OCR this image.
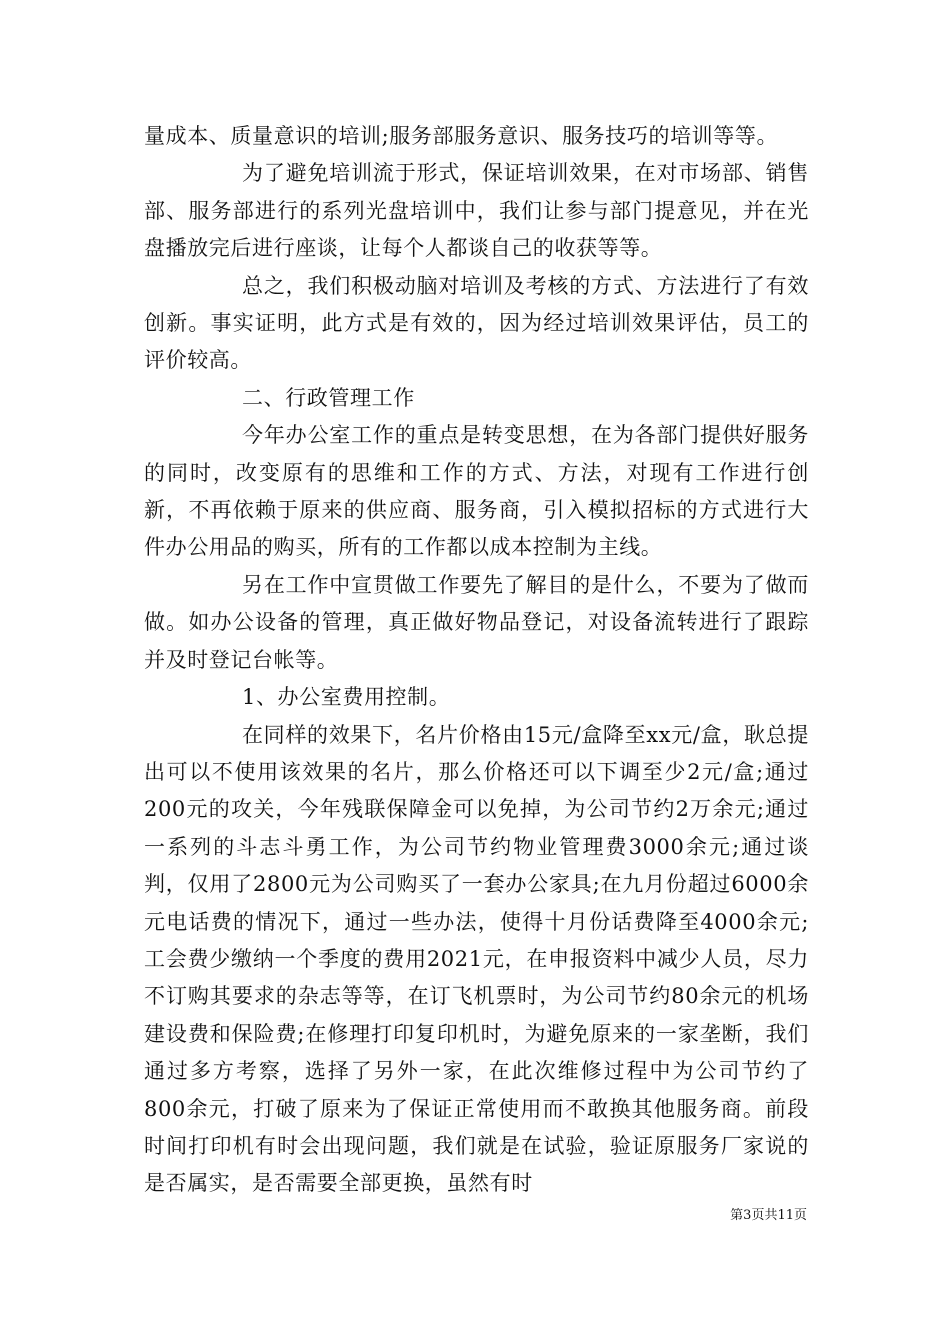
量成本、质量意识的培训;服务部服务意识、服务技巧的培训等等。

为了避免培训流于形式，保证培训效果，在对市场部、销售部、服务部进行的系列光盘培训中，我们让参与部门提意见，并在光盘播放完后进行座谈，让每个人都谈自己的收获等等。

总之，我们积极动脑对培训及考核的方式、方法进行了有效创新。事实证明，此方式是有效的，因为经过培训效果评估，员工的评价较高。

二、行政管理工作

今年办公室工作的重点是转变思想，在为各部门提供好服务的同时，改变原有的思维和工作的方式、方法，对现有工作进行创新，不再依赖于原来的供应商、服务商，引入模拟招标的方式进行大件办公用品的购买，所有的工作都以成本控制为主线。

另在工作中宣贯做工作要先了解目的是什么，不要为了做而做。如办公设备的管理，真正做好物品登记，对设备流转进行了跟踪并及时登记台帐等。

1、办公室费用控制。

在同样的效果下，名片价格由15元/盒降至xx元/盒，耿总提出可以不使用该效果的名片，那么价格还可以下调至少2元/盒;通过200元的攻关，今年残联保障金可以免掉，为公司节约2万余元;通过一系列的斗志斗勇工作，为公司节约物业管理费3000余元;通过谈判，仅用了2800元为公司购买了一套办公家具;在九月份超过6000余元电话费的情况下，通过一些办法，使得十月份话费降至4000余元;工会费少缴纳一个季度的费用2021元，在申报资料中减少人员，尽力不订购其要求的杂志等等，在订飞机票时，为公司节约80余元的机场建设费和保险费;在修理打印复印机时，为避免原来的一家垄断，我们通过多方考察，选择了另外一家，在此次维修过程中为公司节约了800余元，打破了原来为了保证正常使用而不敢换其他服务商。前段时间打印机有时会出现问题，我们就是在试验，验证原服务厂家说的是否属实，是否需要全部更换，虽然有时

第3页共11页
